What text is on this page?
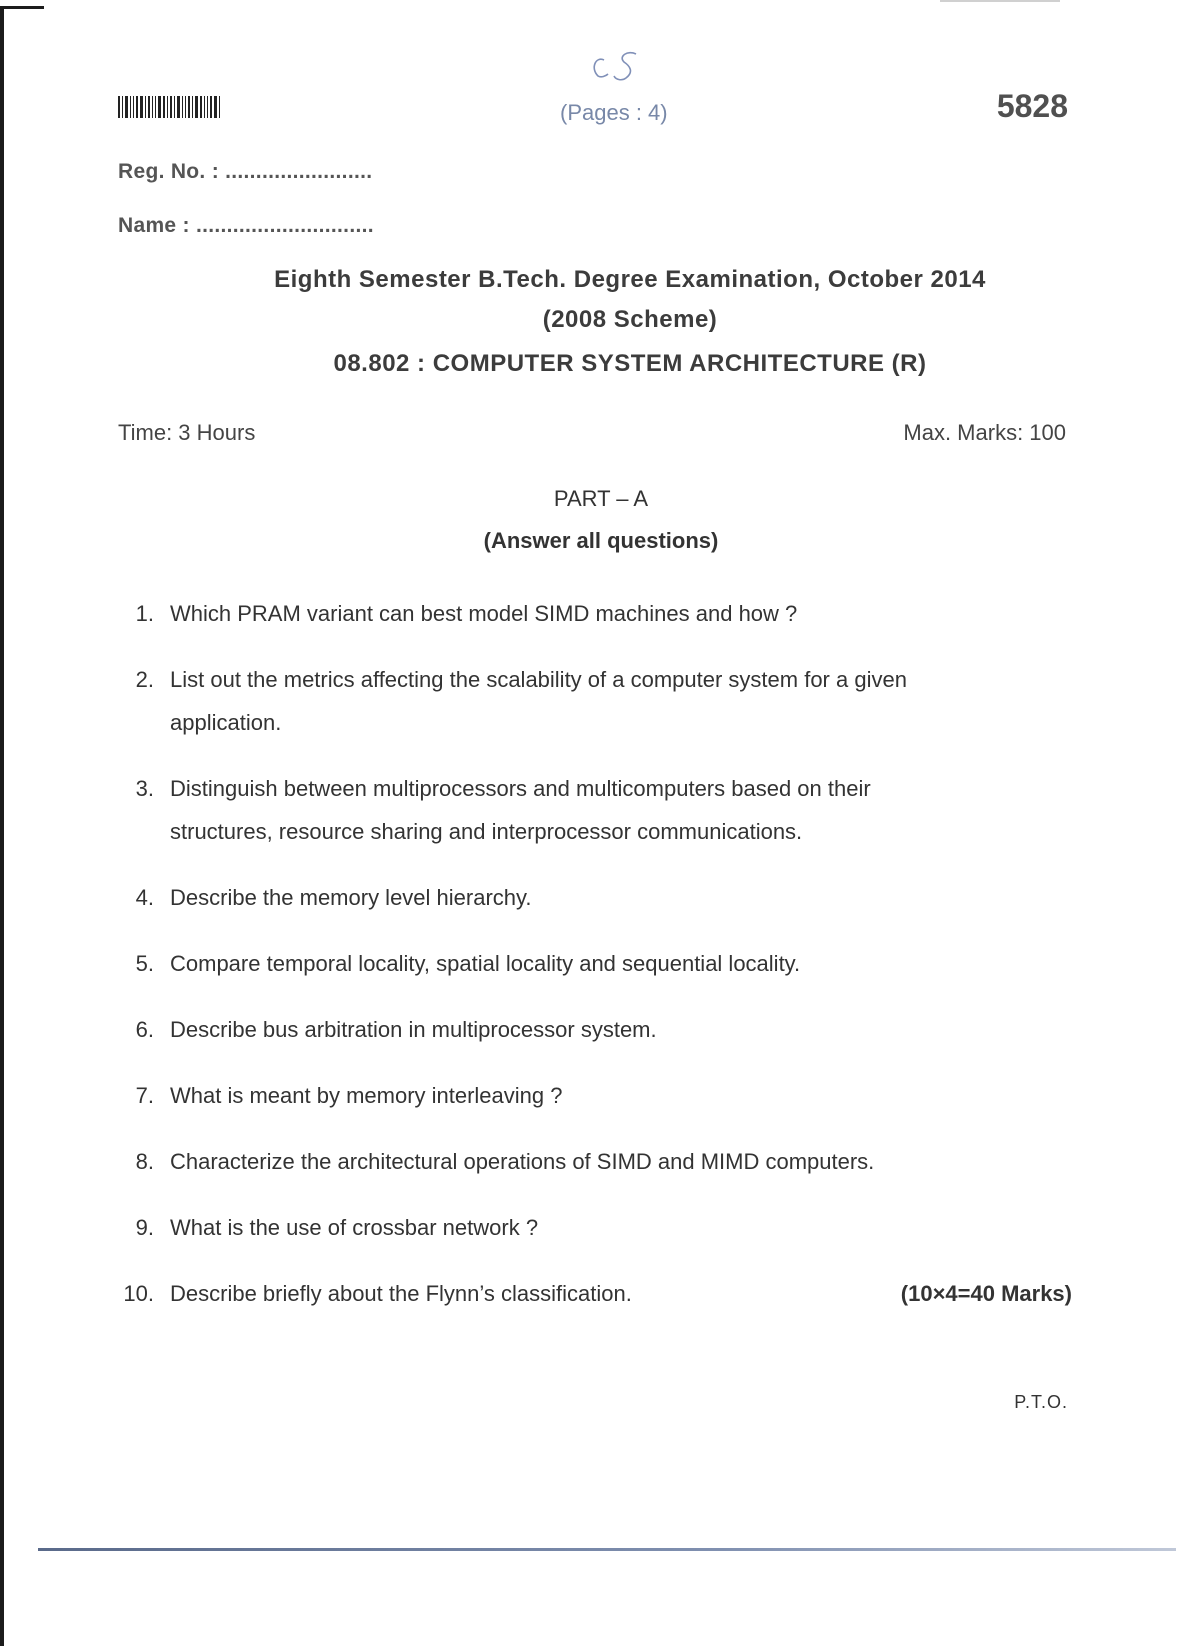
(Pages : 4)	5828
Reg. No. : ........................
Name : .............................
Eighth Semester B.Tech. Degree Examination, October 2014
(2008 Scheme)
08.802 : COMPUTER SYSTEM ARCHITECTURE (R)
Time: 3 Hours	Max. Marks: 100
PART – A
(Answer all questions)
1. Which PRAM variant can best model SIMD machines and how ?
2. List out the metrics affecting the scalability of a computer system for a given application.
3. Distinguish between multiprocessors and multicomputers based on their structures, resource sharing and interprocessor communications.
4. Describe the memory level hierarchy.
5. Compare temporal locality, spatial locality and sequential locality.
6. Describe bus arbitration in multiprocessor system.
7. What is meant by memory interleaving ?
8. Characterize the architectural operations of SIMD and MIMD computers.
9. What is the use of crossbar network ?
10. Describe briefly about the Flynn’s classification.	(10×4=40 Marks)
P.T.O.
